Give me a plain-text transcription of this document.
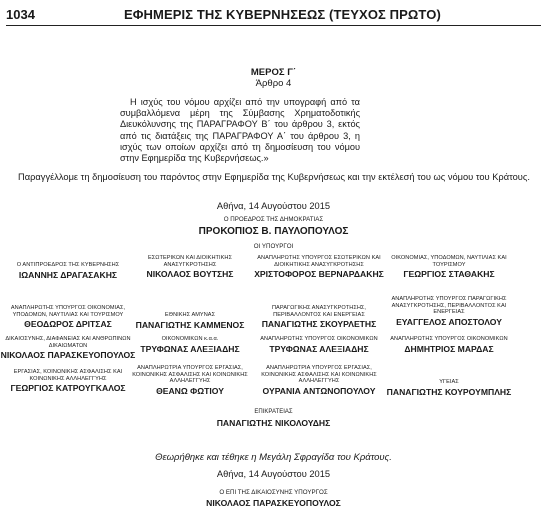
1034	ΕΦΗΜΕΡΙΣ ΤΗΣ ΚΥΒΕΡΝΗΣΕΩΣ (ΤΕΥΧΟΣ ΠΡΩΤΟ)
ΜΕΡΟΣ Γ΄
Άρθρο 4
Η ισχύς του νόμου αρχίζει από την υπογραφή από τα συμβαλλόμενα μέρη της Σύμβασης Χρηματοδοτικής Διευκόλυνσης της ΠΑΡΑΓΡΑΦΟΥ Β΄ του άρθρου 3, εκτός από τις διατάξεις της ΠΑΡΑΓΡΑΦΟΥ Α΄ του άρθρου 3, η ισχύς των οποίων αρχίζει από τη δημοσίευση του νόμου στην Εφημερίδα της Κυβερνήσεως.»
Παραγγέλλομε τη δημοσίευση του παρόντος στην Εφημερίδα της Κυβερνήσεως και την εκτέλεσή του ως νόμου του Κράτους.
Αθήνα, 14 Αυγούστου 2015
Ο ΠΡΟΕΔΡΟΣ ΤΗΣ ΔΗΜΟΚΡΑΤΙΑΣ
ΠΡΟΚΟΠΙΟΣ Β. ΠΑΥΛΟΠΟΥΛΟΣ
ΟΙ ΥΠΟΥΡΓΟΙ
Ο ΑΝΤΙΠΡΟΕΔΡΟΣ ΤΗΣ ΚΥΒΕΡΝΗΣΗΣ
ΙΩΑΝΝΗΣ ΔΡΑΓΑΣΑΚΗΣ
ΕΣΩΤΕΡΙΚΩΝ ΚΑΙ ΔΙΟΙΚΗΤΙΚΗΣ ΑΝΑΣΥΓΚΡΟΤΗΣΗΣ
ΝΙΚΟΛΑΟΣ ΒΟΥΤΣΗΣ
ΑΝΑΠΛΗΡΩΤΗΣ ΥΠΟΥΡΓΟΣ ΕΣΩΤΕΡΙΚΩΝ ΚΑΙ ΔΙΟΙΚΗΤΙΚΗΣ ΑΝΑΣΥΓΚΡΟΤΗΣΗΣ
ΧΡΙΣΤΟΦΟΡΟΣ ΒΕΡΝΑΡΔΑΚΗΣ
ΟΙΚΟΝΟΜΙΑΣ, ΥΠΟΔΟΜΩΝ, ΝΑΥΤΙΛΙΑΣ ΚΑΙ ΤΟΥΡΙΣΜΟΥ
ΓΕΩΡΓΙΟΣ ΣΤΑΘΑΚΗΣ
ΑΝΑΠΛΗΡΩΤΗΣ ΥΠΟΥΡΓΟΣ ΟΙΚΟΝΟΜΙΑΣ, ΥΠΟΔΟΜΩΝ, ΝΑΥΤΙΛΙΑΣ ΚΑΙ ΤΟΥΡΙΣΜΟΥ
ΘΕΟΔΩΡΟΣ ΔΡΙΤΣΑΣ
ΕΘΝΙΚΗΣ ΑΜΥΝΑΣ
ΠΑΝΑΓΙΩΤΗΣ ΚΑΜΜΕΝΟΣ
ΠΑΡΑΓΩΓΙΚΗΣ ΑΝΑΣΥΓΚΡΟΤΗΣΗΣ, ΠΕΡΙΒΑΛΛΟΝΤΟΣ ΚΑΙ ΕΝΕΡΓΕΙΑΣ
ΠΑΝΑΓΙΩΤΗΣ ΣΚΟΥΡΛΕΤΗΣ
ΑΝΑΠΛΗΡΩΤΗΣ ΥΠΟΥΡΓΟΣ ΠΑΡΑΓΩΓΙΚΗΣ ΑΝΑΣΥΓΚΡΟΤΗΣΗΣ, ΠΕΡΙΒΑΛΛΟΝΤΟΣ ΚΑΙ ΕΝΕΡΓΕΙΑΣ
ΕΥΑΓΓΕΛΟΣ ΑΠΟΣΤΟΛΟΥ
ΔΙΚΑΙΟΣΥΝΗΣ, ΔΙΑΦΑΝΕΙΑΣ ΚΑΙ ΑΝΘΡΩΠΙΝΩΝ ΔΙΚΑΙΩΜΑΤΩΝ
ΝΙΚΟΛΑΟΣ ΠΑΡΑΣΚΕΥΟΠΟΥΛΟΣ
ΟΙΚΟΝΟΜΙΚΩΝ κ.α.α.
ΤΡΥΦΩΝΑΣ ΑΛΕΞΙΑΔΗΣ
ΑΝΑΠΛΗΡΩΤΗΣ ΥΠΟΥΡΓΟΣ ΟΙΚΟΝΟΜΙΚΩΝ
ΤΡΥΦΩΝΑΣ ΑΛΕΞΙΑΔΗΣ
ΑΝΑΠΛΗΡΩΤΗΣ ΥΠΟΥΡΓΟΣ ΟΙΚΟΝΟΜΙΚΩΝ
ΔΗΜΗΤΡΙΟΣ ΜΑΡΔΑΣ
ΕΡΓΑΣΙΑΣ, ΚΟΙΝΩΝΙΚΗΣ ΑΣΦΑΛΙΣΗΣ ΚΑΙ ΚΟΙΝΩΝΙΚΗΣ ΑΛΛΗΛΕΓΓΥΗΣ
ΓΕΩΡΓΙΟΣ ΚΑΤΡΟΥΓΚΑΛΟΣ
ΑΝΑΠΛΗΡΩΤΡΙΑ ΥΠΟΥΡΓΟΣ ΕΡΓΑΣΙΑΣ, ΚΟΙΝΩΝΙΚΗΣ ΑΣΦΑΛΙΣΗΣ ΚΑΙ ΚΟΙΝΩΝΙΚΗΣ ΑΛΛΗΛΕΓΓΥΗΣ
ΘΕΑΝΩ ΦΩΤΙΟΥ
ΑΝΑΠΛΗΡΩΤΡΙΑ ΥΠΟΥΡΓΟΣ ΕΡΓΑΣΙΑΣ, ΚΟΙΝΩΝΙΚΗΣ ΑΣΦΑΛΙΣΗΣ ΚΑΙ ΚΟΙΝΩΝΙΚΗΣ ΑΛΛΗΛΕΓΓΥΗΣ
ΟΥΡΑΝΙΑ ΑΝΤΩΝΟΠΟΥΛΟΥ
ΥΓΕΙΑΣ
ΠΑΝΑΓΙΩΤΗΣ ΚΟΥΡΟΥΜΠΛΗΣ
ΕΠΙΚΡΑΤΕΙΑΣ
ΠΑΝΑΓΙΩΤΗΣ ΝΙΚΟΛΟΥΔΗΣ
Θεωρήθηκε και τέθηκε η Μεγάλη Σφραγίδα του Κράτους.
Αθήνα, 14 Αυγούστου 2015
Ο ΕΠΙ ΤΗΣ ΔΙΚΑΙΟΣΥΝΗΣ ΥΠΟΥΡΓΟΣ
ΝΙΚΟΛΑΟΣ ΠΑΡΑΣΚΕΥΟΠΟΥΛΟΣ
